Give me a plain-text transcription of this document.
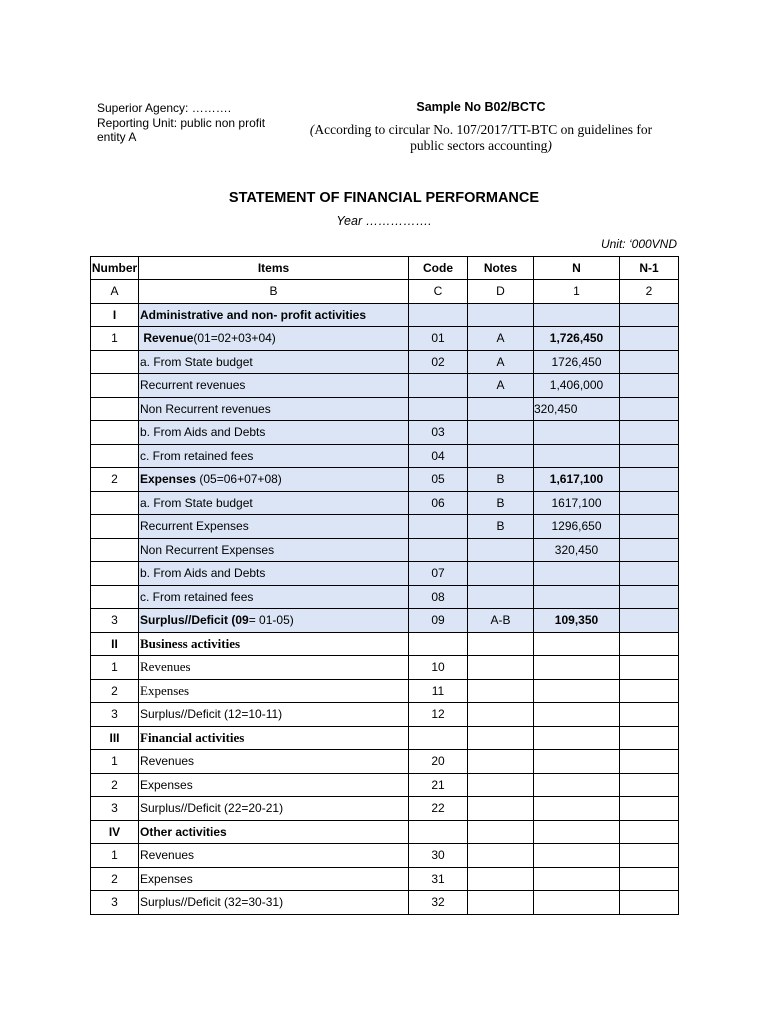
Superior Agency: ……….
Reporting Unit: public non profit entity A
Sample No B02/BCTC
(According to circular No. 107/2017/TT-BTC on guidelines for public sectors accounting)
STATEMENT OF FINANCIAL PERFORMANCE
Year …………….
Unit: ‘000VND
Number	Items	Code	Notes	N	N-1
A	B	C	D	1	2
I	Administrative and non- profit activities				
1	Revenue(01=02+03+04)	01	A	1,726,450	
	a. From State budget	02	A	1726,450	
	Recurrent revenues		A	1,406,000	
	Non Recurrent revenues			320,450	
	b. From Aids and Debts	03			
	c. From retained fees	04			
2	Expenses (05=06+07+08)	05	B	1,617,100	
	a. From State budget	06	B	1617,100	
	Recurrent Expenses		B	1296,650	
	Non Recurrent Expenses			320,450	
	b. From Aids and Debts	07			
	c. From retained fees	08			
3	Surplus//Deficit (09= 01-05)	09	A-B	109,350	
II	Business activities				
1	Revenues	10			
2	Expenses	11			
3	Surplus//Deficit (12=10-11)	12			
III	Financial activities				
1	Revenues	20			
2	Expenses	21			
3	Surplus//Deficit (22=20-21)	22			
IV	Other activities				
1	Revenues	30			
2	Expenses	31			
3	Surplus//Deficit (32=30-31)	32			
